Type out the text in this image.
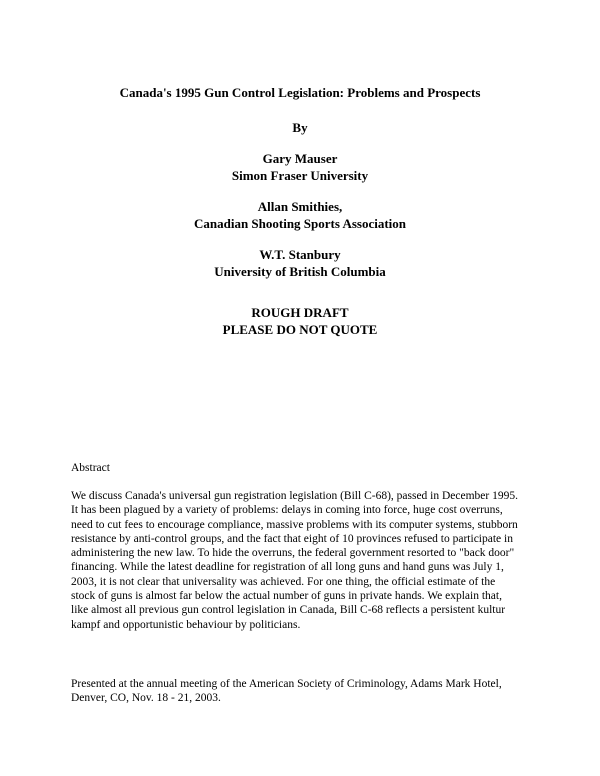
Canada's 1995 Gun Control Legislation: Problems and Prospects
By
Gary Mauser
Simon Fraser University
Allan Smithies,
Canadian Shooting Sports Association
W.T. Stanbury
University of British Columbia
ROUGH DRAFT
PLEASE DO NOT QUOTE
Abstract
We discuss Canada's universal gun registration legislation (Bill C-68), passed in December 1995.
It has been plagued by a variety of problems: delays in coming into force, huge cost overruns,
need to cut fees to encourage compliance, massive problems with its computer systems, stubborn
resistance by anti-control groups, and the fact that eight of 10 provinces refused to participate in
administering the new law. To hide the overruns, the federal government resorted to "back door"
financing. While the latest deadline for registration of all long guns and hand guns was July 1,
2003, it is not clear that universality was achieved. For one thing, the official estimate of the
stock of guns is almost far below the actual number of guns in private hands. We explain that,
like almost all previous gun control legislation in Canada, Bill C-68 reflects a persistent kultur
kampf and opportunistic behaviour by politicians.
Presented at the annual meeting of the American Society of Criminology, Adams Mark Hotel,
Denver, CO, Nov. 18 - 21, 2003.
